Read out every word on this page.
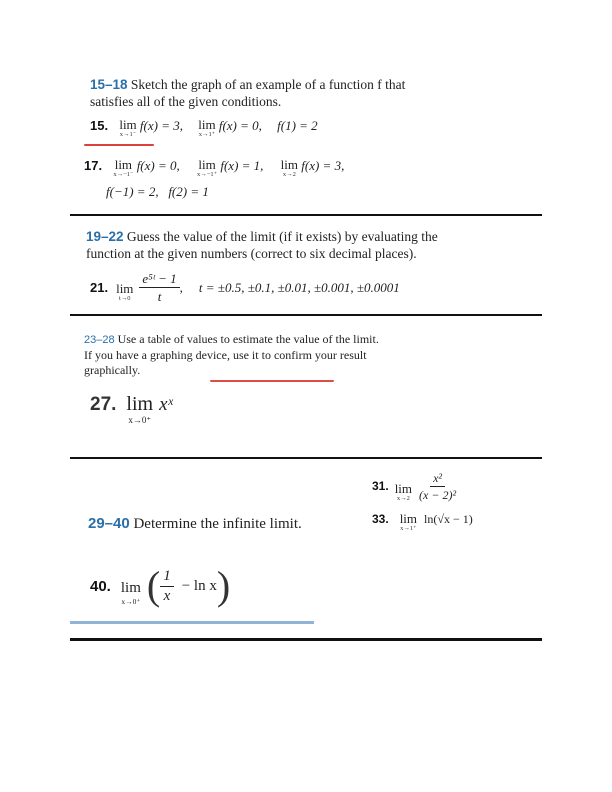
15–18 Sketch the graph of an example of a function f that
satisfies all of the given conditions.
15. lim
x→1⁻
f(x) = 3, lim
x→1⁺
f(x) = 0, f(1) = 2
17. lim
x→−1⁻
f(x) = 0, lim
x→−1⁺
f(x) = 1, lim
x→2
f(x) = 3,
f(−1) = 2,   f(2) = 1
19–22 Guess the value of the limit (if it exists) by evaluating the
function at the given numbers (correct to six decimal places).
21. lim
$t\to 0 \frac{\text{e⁵ᵗ − 1}}{t}$ , t = ±0.5, ±0.1, ±0.01, ±0.001, ±0.0001
23–28 Use a table of values to estimate the value of the limit.
If you have a graphing device, use it to confirm your result
graphically.
27. lim
x→0⁺
xˣ
31. lim
$x\to 2 \frac{\text{x²}}{\text{(x − 2)²}}$
29–40 Determine the infinite limit.	33. lim
x→1⁺
ln(√x − 1)
40. lim
x→0⁺ ( $\frac{1}{x} - \ln x$ )
